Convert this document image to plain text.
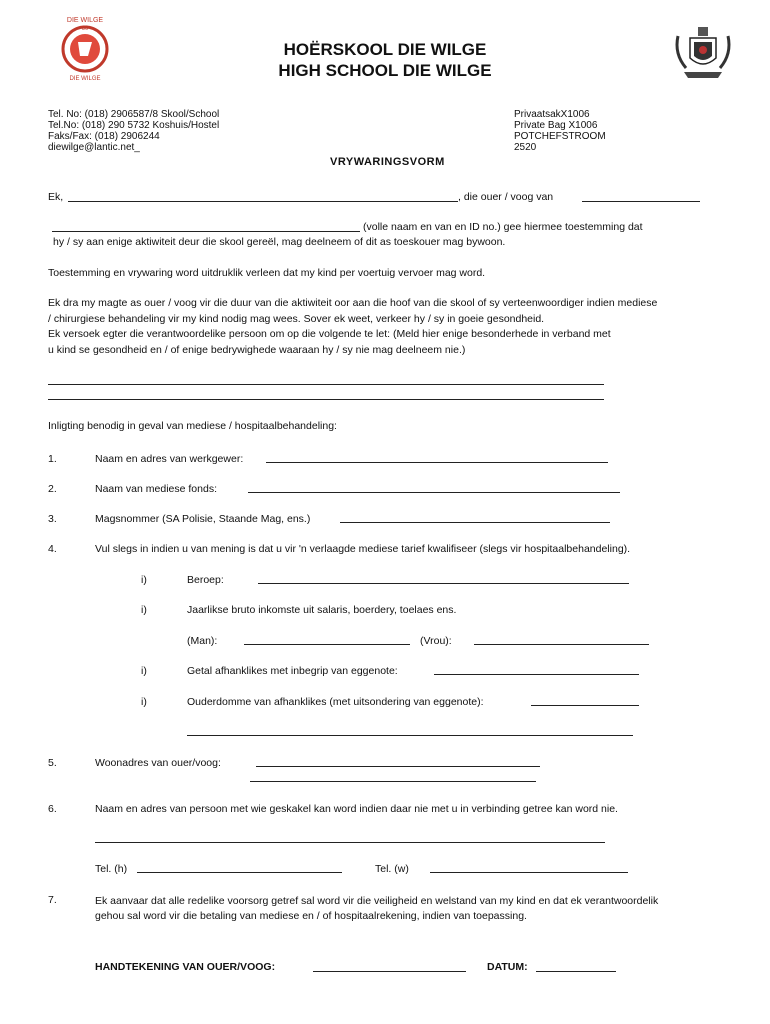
DIE WILGE
60
DIE WILGE
HOËRSKOOL DIE WILGE
HIGH SCHOOL DIE WILGE
Tel. No: (018) 2906587/8 Skool/School
Tel.No: (018) 290 5732 Koshuis/Hostel
Faks/Fax: (018) 2906244
diewilge@lantic.net_
PrivaatsakX1006
Private Bag X1006
POTCHEFSTROOM
2520
VRYWARINGSVORM
Ek,	, die ouer / voog van
(volle naam en van en ID no.) gee hiermee toestemming dat
hy / sy aan enige aktiwiteit deur die skool gereël, mag deelneem of dit as toeskouer mag bywoon.
Toestemming en vrywaring word uitdruklik verleen dat my kind per voertuig vervoer mag word.
Ek dra my magte as ouer / voog vir die duur van die aktiwiteit oor aan die hoof van die skool of sy verteenwoordiger indien mediese
/ chirurgiese behandeling vir my kind nodig mag wees. Sover ek weet, verkeer hy / sy in goeie gesondheid.
Ek versoek egter die verantwoordelike persoon om op die volgende te let: (Meld hier enige besonderhede in verband met
u kind se gesondheid en / of enige bedrywighede waaraan hy / sy nie mag deelneem nie.)
Inligting benodig in geval van mediese / hospitaalbehandeling:
1.	Naam en adres van werkgewer:
2.	Naam van mediese fonds:
3.	Magsnommer (SA Polisie, Staande Mag, ens.)
4.	Vul slegs in indien u van mening is dat u vir 'n verlaagde mediese tarief kwalifiseer (slegs vir hospitaalbehandeling).
i)	Beroep:
i)	Jaarlikse bruto inkomste uit salaris, boerdery, toelaes ens.
(Man):	(Vrou):
i)	Getal afhanklikes met inbegrip van eggenote:
i)	Ouderdomme van afhanklikes (met uitsondering van eggenote):
5.	Woonadres van ouer/voog:
6.	Naam en adres van persoon met wie geskakel kan word indien daar nie met u in verbinding getree kan word nie.
Tel. (h)	Tel. (w)
7.	Ek aanvaar dat alle redelike voorsorg getref sal word vir die veiligheid en welstand van my kind en dat ek verantwoordelik
gehou sal word vir die betaling van mediese en / of hospitaalrekening, indien van toepassing.
HANDTEKENING VAN OUER/VOOG:	DATUM:
